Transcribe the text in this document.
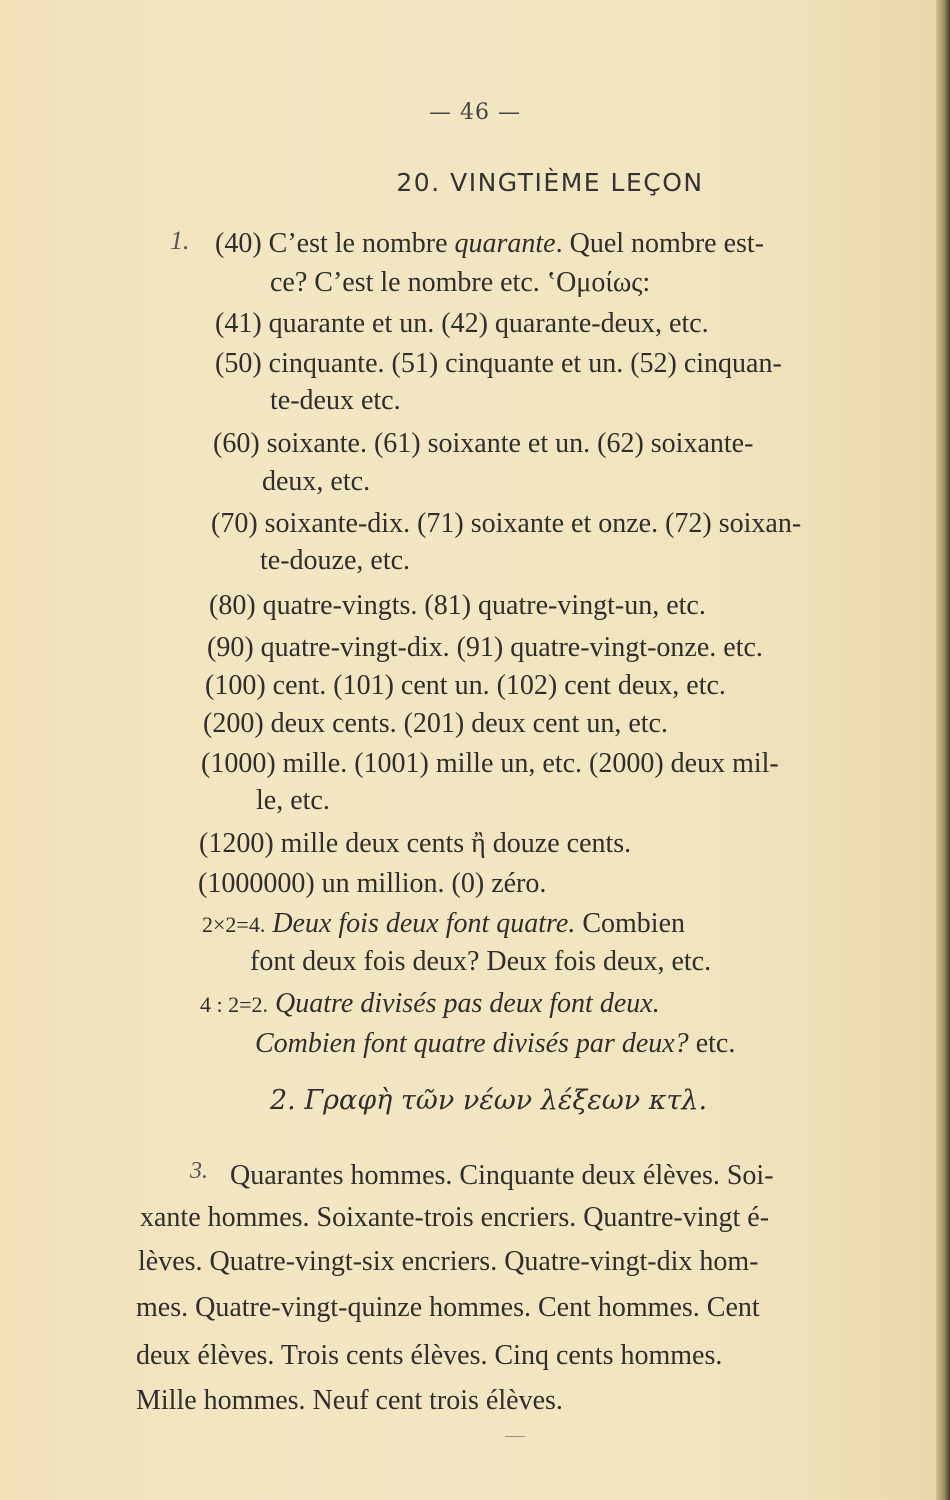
— 46 —
20. VINGTIÈME LEÇON
1. (40) C’est le nombre quarante. Quel nombre est-
ce? C’est le nombre etc. ‛Ομοίως:
(41) quarante et un. (42) quarante-deux, etc.
(50) cinquante. (51) cinquante et un. (52) cinquan-
te-deux etc.
(60) soixante. (61) soixante et un. (62) soixante-
deux, etc.
(70) soixante-dix. (71) soixante et onze. (72) soixan-
te-douze, etc.
(80) quatre-vingts. (81) quatre-vingt-un, etc.
(90) quatre-vingt-dix. (91) quatre-vingt-onze. etc.
(100) cent. (101) cent un. (102) cent deux, etc.
(200) deux cents. (201) deux cent un, etc.
(1000) mille. (1001) mille un, etc. (2000) deux mil-
le, etc.
(1200) mille deux cents ἢ douze cents.
(1000000) un million. (0) zéro.
2×2=4. Deux fois deux font quatre. Combien
font deux fois deux? Deux fois deux, etc.
4 : 2=2. Quatre divisés pas deux font deux.
Combien font quatre divisés par deux? etc.
2. Γραφὴ τῶν νέων λέξεων κτλ.
3. Quarantes hommes. Cinquante deux élèves. Soi-
xante hommes. Soixante-trois encriers. Quantre-vingt é-
lèves. Quatre-vingt-six encriers. Quatre-vingt-dix hom-
mes. Quatre-vingt-quinze hommes. Cent hommes. Cent
deux élèves. Trois cents élèves. Cinq cents hommes.
Mille hommes. Neuf cent trois élèves.
